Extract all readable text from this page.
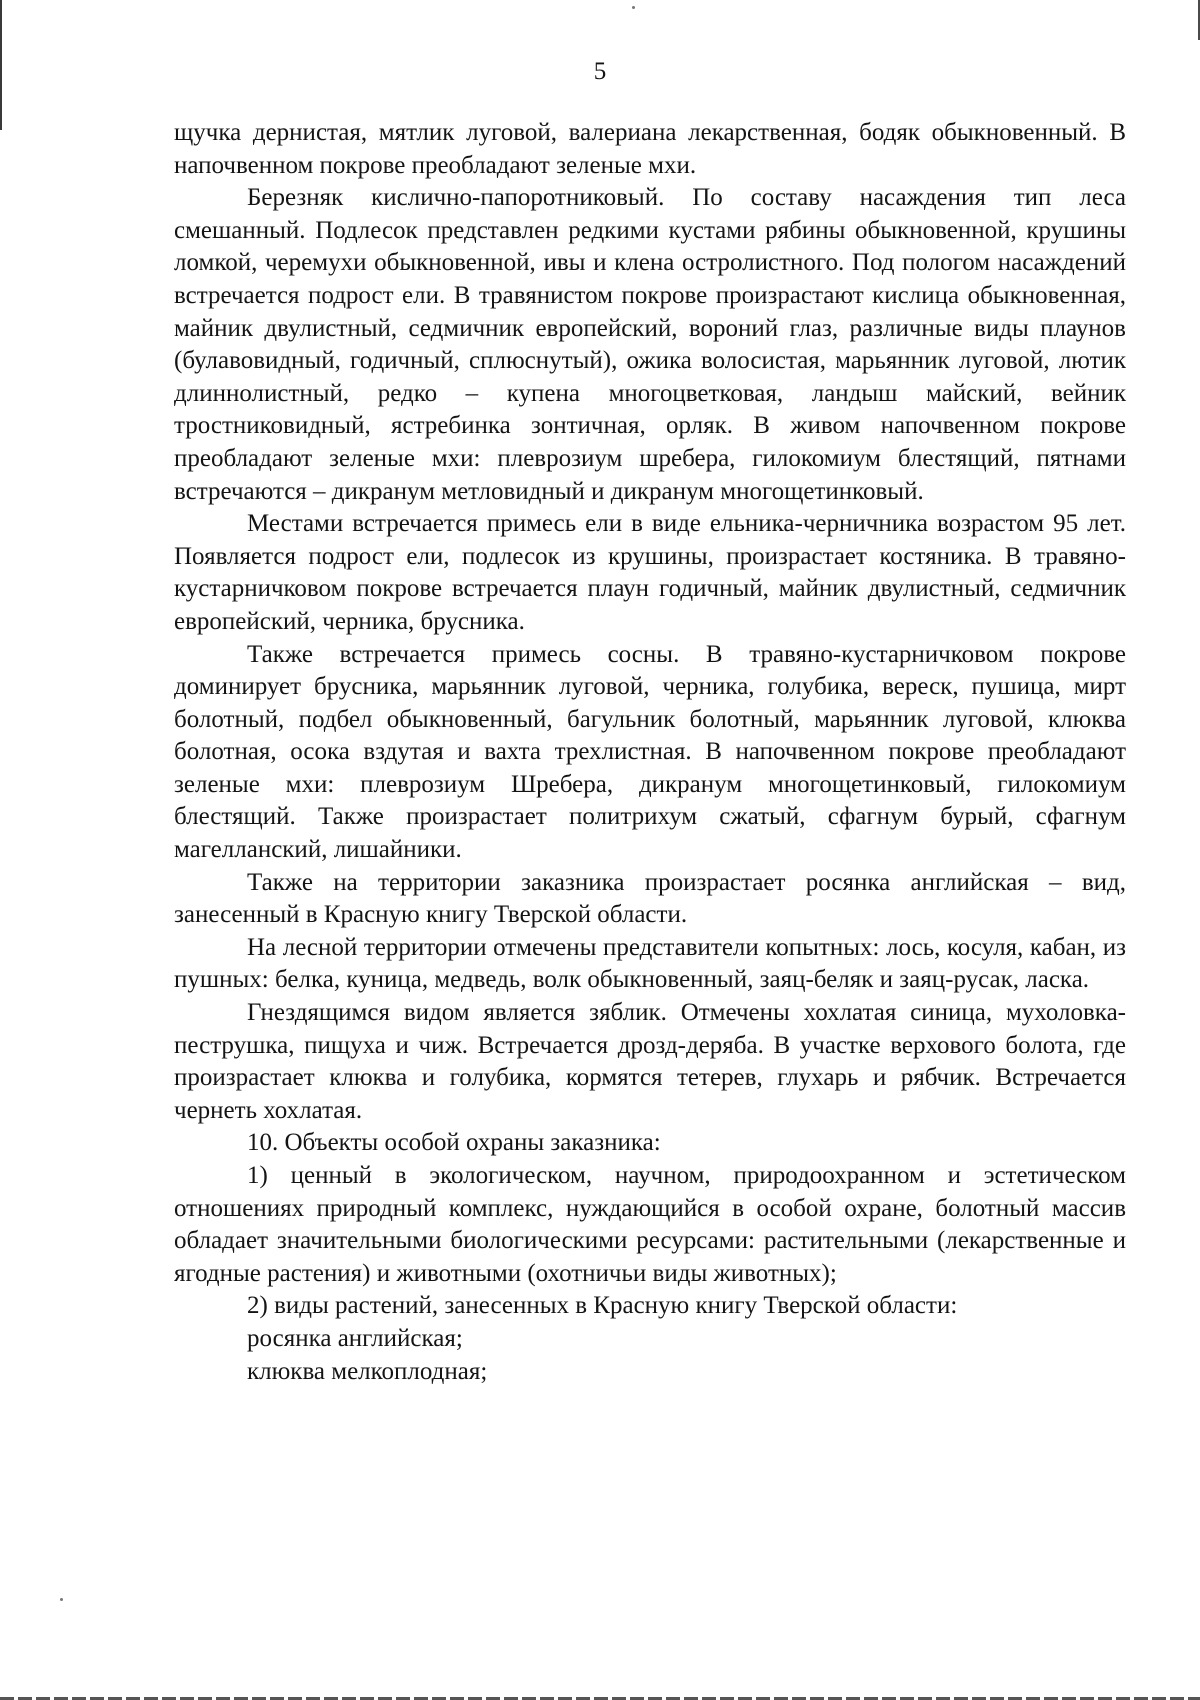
5

щучка дернистая, мятлик луговой, валериана лекарственная, бодяк обыкновенный. В напочвенном покрове преобладают зеленые мхи.

Березняк кислично-папоротниковый. По составу насаждения тип леса смешанный. Подлесок представлен редкими кустами рябины обыкновенной, крушины ломкой, черемухи обыкновенной, ивы и клена остролистного. Под пологом насаждений встречается подрост ели. В травянистом покрове произрастают кислица обыкновенная, майник двулистный, седмичник европейский, вороний глаз, различные виды плаунов (булавовидный, годичный, сплюснутый), ожика волосистая, марьянник луговой, лютик длиннолистный, редко – купена многоцветковая, ландыш майский, вейник тростниковидный, ястребинка зонтичная, орляк. В живом напочвенном покрове преобладают зеленые мхи: плеврозиум шребера, гилокомиум блестящий, пятнами встречаются – дикранум метловидный и дикранум многощетинковый.

Местами встречается примесь ели в виде ельника-черничника возрастом 95 лет. Появляется подрост ели, подлесок из крушины, произрастает костяника. В травяно-кустарничковом покрове встречается плаун годичный, майник двулистный, седмичник европейский, черника, брусника.

Также встречается примесь сосны. В травяно-кустарничковом покрове доминирует брусника, марьянник луговой, черника, голубика, вереск, пушица, мирт болотный, подбел обыкновенный, багульник болотный, марьянник луговой, клюква болотная, осока вздутая и вахта трехлистная. В напочвенном покрове преобладают зеленые мхи: плеврозиум Шребера, дикранум многощетинковый, гилокомиум блестящий. Также произрастает политрихум сжатый, сфагнум бурый, сфагнум магелланский, лишайники.

Также на территории заказника произрастает росянка английская – вид, занесенный в Красную книгу Тверской области.

На лесной территории отмечены представители копытных: лось, косуля, кабан, из пушных: белка, куница, медведь, волк обыкновенный, заяц-беляк и заяц-русак, ласка.

Гнездящимся видом является зяблик. Отмечены хохлатая синица, мухоловка-пеструшка, пищуха и чиж. Встречается дрозд-деряба. В участке верхового болота, где произрастает клюква и голубика, кормятся тетерев, глухарь и рябчик. Встречается чернеть хохлатая.

10. Объекты особой охраны заказника:

1) ценный в экологическом, научном, природоохранном и эстетическом отношениях природный комплекс, нуждающийся в особой охране, болотный массив обладает значительными биологическими ресурсами: растительными (лекарственные и ягодные растения) и животными (охотничьи виды животных);

2) виды растений, занесенных в Красную книгу Тверской области:

росянка английская;

клюква мелкоплодная;
